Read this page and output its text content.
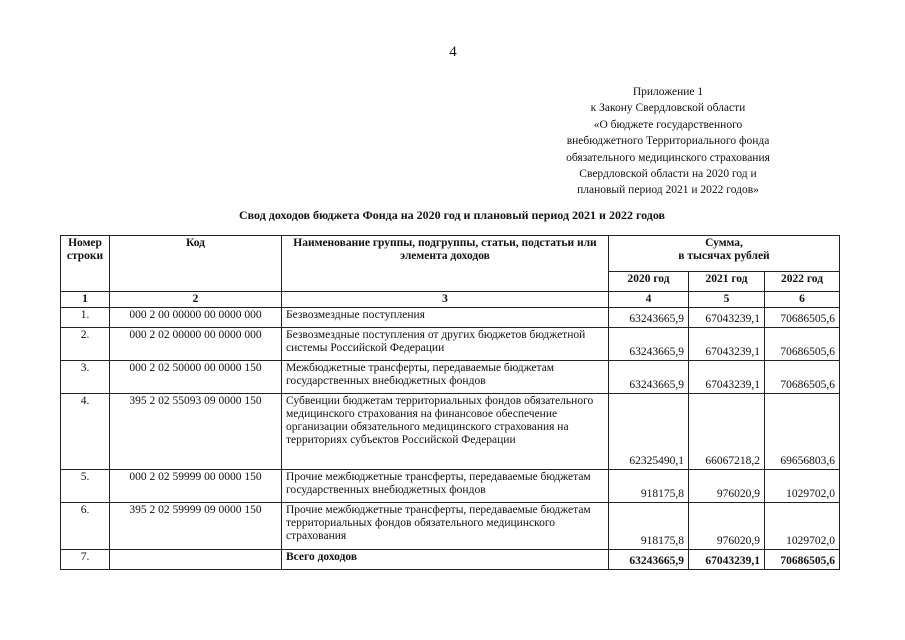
4
Приложение 1
к Закону Свердловской области
«О бюджете государственного
внебюджетного Территориального фонда
обязательного медицинского страхования
Свердловской области на 2020 год и
плановый период 2021 и 2022 годов»
Свод доходов бюджета Фонда на 2020 год и плановый период 2021 и 2022 годов
Номер строки	Код	Наименование группы, подгруппы, статьи, подстатьи или элемента доходов	Сумма,
в тысячах рублей		

			2020 год	2021 год	2022 год
1	2	3	4	5	6
1.	000 2 00 00000 00 0000 000	Безвозмездные поступления	63243665,9	67043239,1	70686505,6
2.	000 2 02 00000 00 0000 000	Безвозмездные поступления от других бюджетов бюджетной системы Российской Федерации	63243665,9	67043239,1	70686505,6
3.	000 2 02 50000 00 0000 150	Межбюджетные трансферты, передаваемые бюджетам государственных внебюджетных фондов	63243665,9	67043239,1	70686505,6
4.	395 2 02 55093 09 0000 150	Субвенции бюджетам территориальных фондов обязательного медицинского страхования на финансовое обеспечение организации обязательного медицинского страхования на территориях субъектов Российской Федерации	62325490,1	66067218,2	69656803,6
5.	000 2 02 59999 00 0000 150	Прочие межбюджетные трансферты, передаваемые бюджетам государственных внебюджетных фондов	918175,8	976020,9	1029702,0
6.	395 2 02 59999 09 0000 150	Прочие межбюджетные трансферты, передаваемые бюджетам территориальных фондов обязательного медицинского страхования	918175,8	976020,9	1029702,0
7.		Всего доходов	63243665,9	67043239,1	70686505,6
